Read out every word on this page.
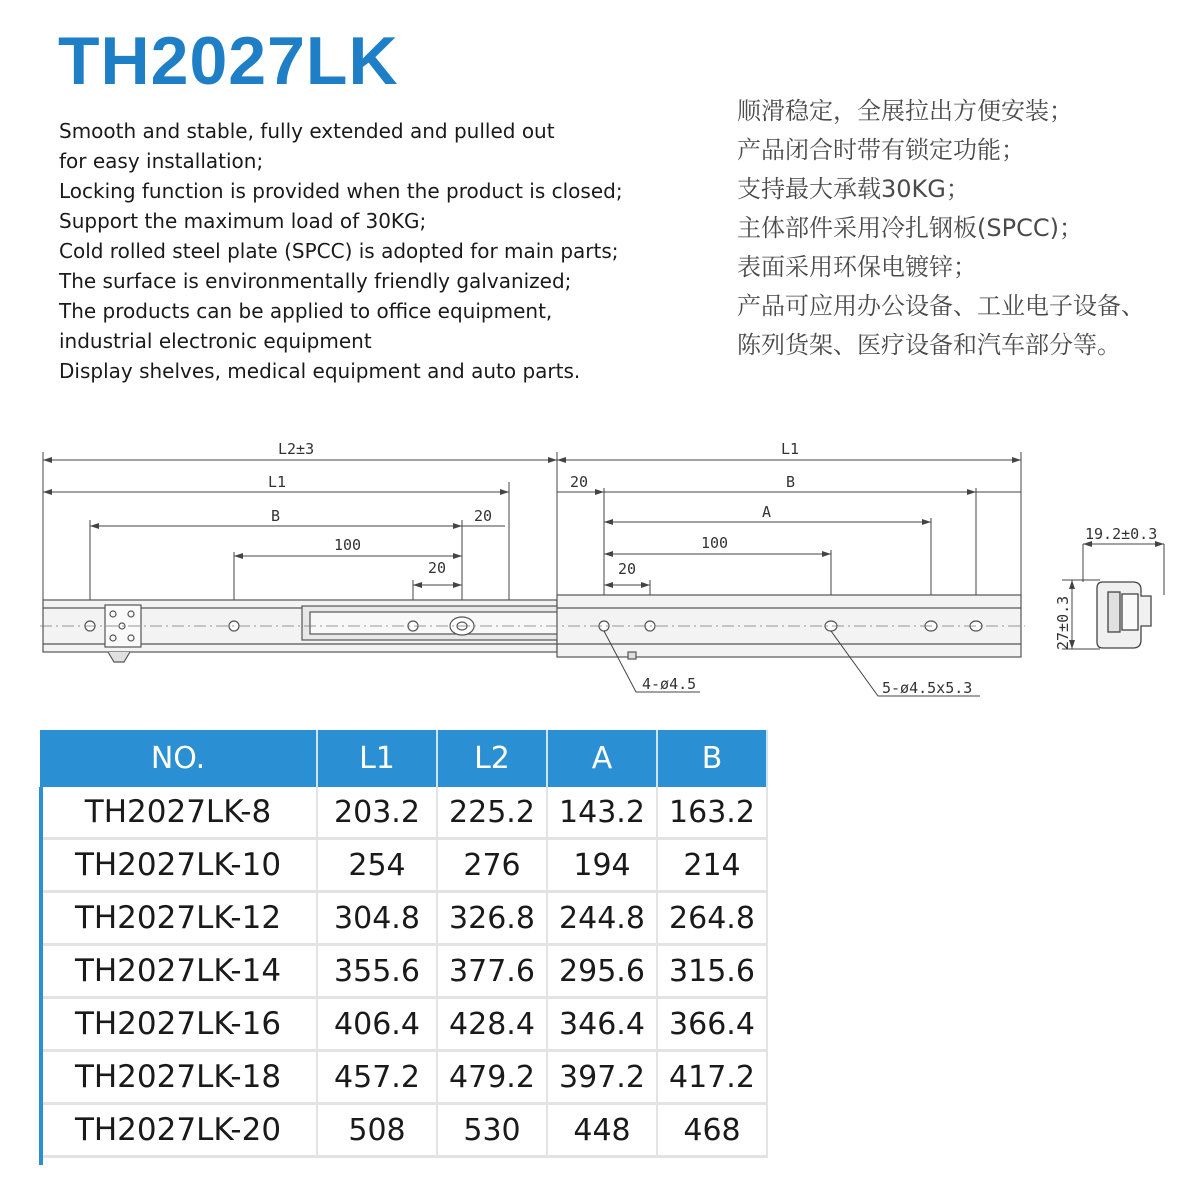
TH2027LK
Smooth and stable, fully extended and pulled out
for easy installation;
Locking function is provided when the product is closed;
Support the maximum load of 30KG;
Cold rolled steel plate (SPCC) is adopted for main parts;
The surface is environmentally friendly galvanized;
The products can be applied to office equipment,
industrial electronic equipment
Display shelves, medical equipment and auto parts.
顺滑稳定，全展拉出方便安装；
产品闭合时带有锁定功能；
支持最大承载30KG；
主体部件采用冷扎钢板(SPCC)；
表面采用环保电镀锌；
产品可应用办公设备、工业电子设备、
陈列货架、医疗设备和汽车部分等。
L2±3
L1
B	20
100
20
L1
20	B
A
100
20
4-ø4.5	5-ø4.5x5.3
19.2±0.3
27±0.3
NO.	L1	L2	A	B
TH2027LK-8	203.2	225.2	143.2	163.2
TH2027LK-10	254	276	194	214
TH2027LK-12	304.8	326.8	244.8	264.8
TH2027LK-14	355.6	377.6	295.6	315.6
TH2027LK-16	406.4	428.4	346.4	366.4
TH2027LK-18	457.2	479.2	397.2	417.2
TH2027LK-20	508	530	448	468
